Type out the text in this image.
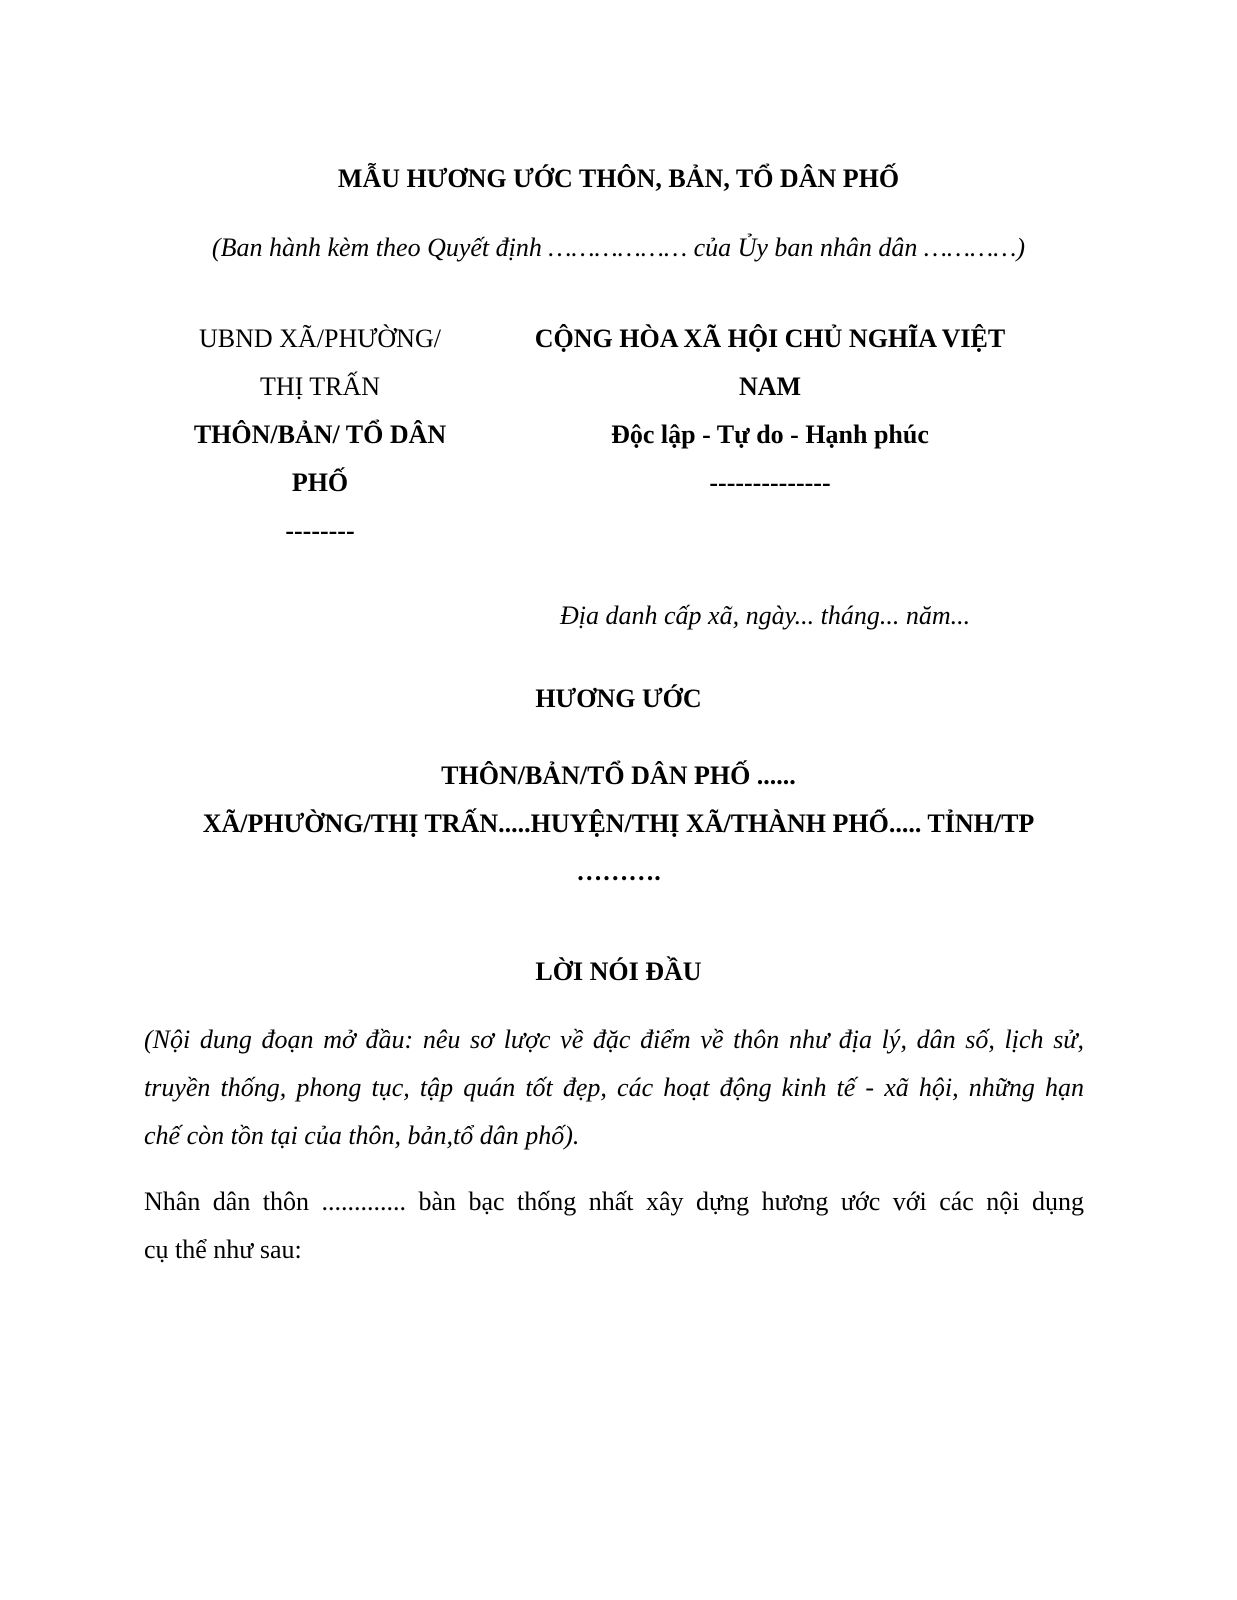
MẪU HƯƠNG ƯỚC THÔN, BẢN, TỔ DÂN PHỐ
(Ban hành kèm theo Quyết định ……………… của Ủy ban nhân dân …………)
UBND XÃ/PHƯỜNG/
THỊ TRẤN
THÔN/BẢN/ TỔ DÂN
PHỐ
--------
CỘNG HÒA XÃ HỘI CHỦ NGHĨA VIỆT
NAM
Độc lập - Tự do - Hạnh phúc
--------------
Địa danh cấp xã, ngày... tháng... năm...
HƯƠNG ƯỚC
THÔN/BẢN/TỔ DÂN PHỐ ......
XÃ/PHƯỜNG/THỊ TRẤN.....HUYỆN/THỊ XÃ/THÀNH PHỐ..... TỈNH/TP
……….
LỜI NÓI ĐẦU
(Nội dung đoạn mở đầu: nêu sơ lược về đặc điểm về thôn như địa lý, dân số, lịch sử,
truyền thống, phong tục, tập quán tốt đẹp, các hoạt động kinh tế - xã hội, những hạn
chế còn tồn tại của thôn, bản,tổ dân phố).
Nhân dân thôn ............. bàn bạc thống nhất xây dựng hương ước với các nội dụng
cụ thể như sau:
